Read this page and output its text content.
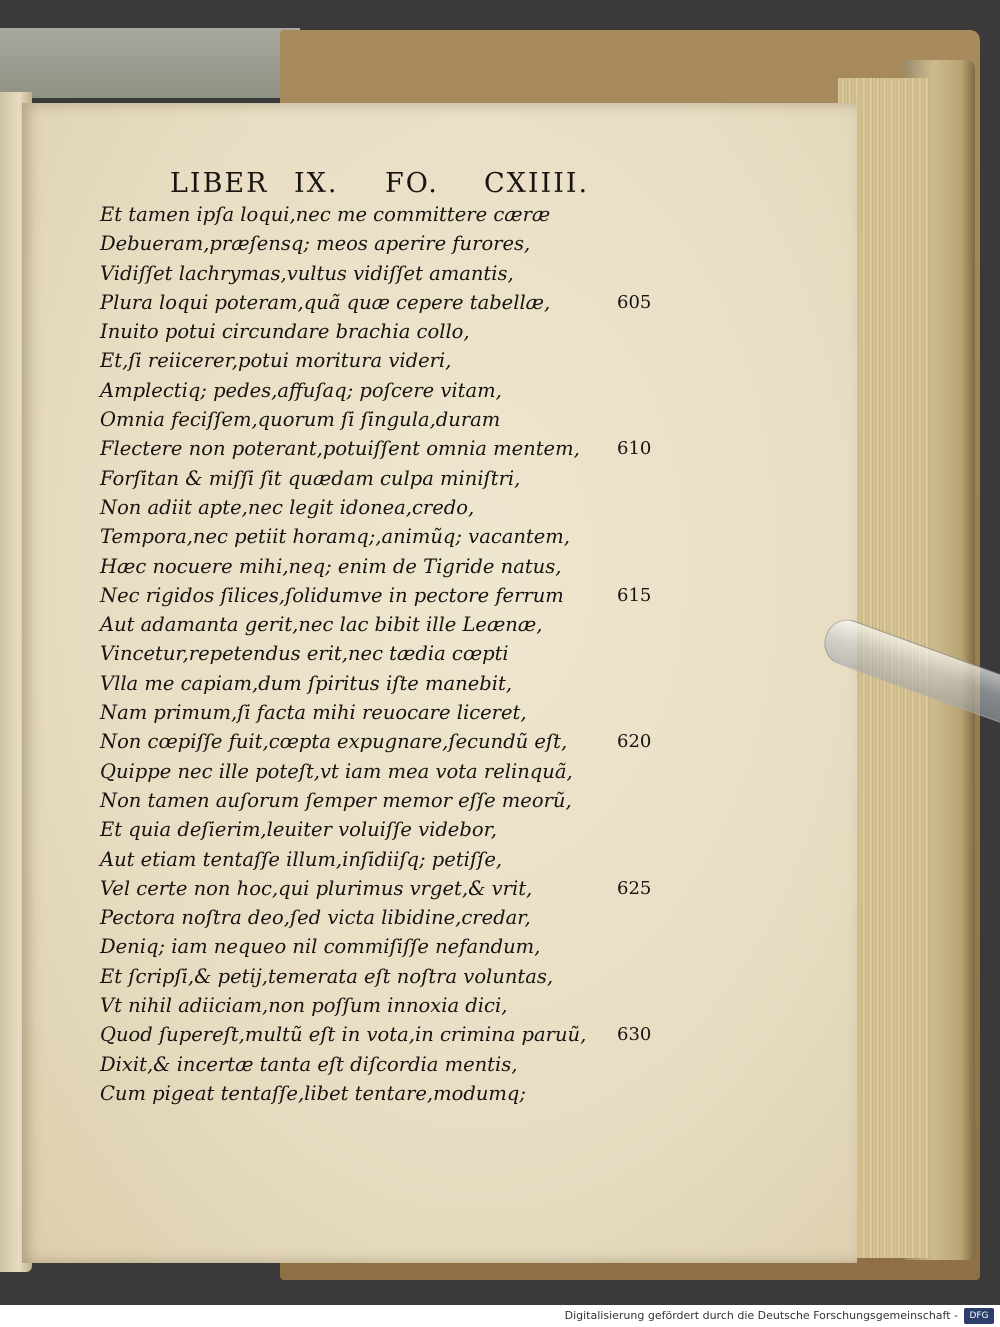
LIBER IX. FO. CXIIII.
Et tamen ipſa loqui,nec me committere cæræ
Debueram,præſensq; meos aperire furores,
Vidiſſet lachrymas,vultus vidiſſet amantis,
Plura loqui poteram,quã quæ cepere tabellæ,	605
Inuito potui circundare brachia collo,
Et,ſi reiicerer,potui moritura videri,
Amplectiq; pedes,affuſaq; poſcere vitam,
Omnia feciſſem,quorum ſi ſingula,duram
Flectere non poterant,potuiſſent omnia mentem, 610
Forſitan & miſſi ſit quædam culpa miniſtri,
Non adiit apte,nec legit idonea,credo,
Tempora,nec petiit horamq;,animũq; vacantem,
Hæc nocuere mihi,neq; enim de Tigride natus,
Nec rigidos ſilices,ſolidumve in pectore ferrum	615
Aut adamanta gerit,nec lac bibit ille Leænæ,
Vincetur,repetendus erit,nec tædia cœpti
Vlla me capiam,dum ſpiritus iſte manebit,
Nam primum,ſi facta mihi reuocare liceret,
Non cœpiſſe fuit,cœpta expugnare,ſecundũ eſt,	620
Quippe nec ille poteſt,vt iam mea vota relinquã,
Non tamen auſorum ſemper memor eſſe meorũ,
Et quia deſierim,leuiter voluiſſe videbor,
Aut etiam tentaſſe illum,inſidiiſq; petiſſe,
Vel certe non hoc,qui plurimus vrget,& vrit,	625
Pectora noſtra deo,ſed victa libidine,credar,
Deniq; iam nequeo nil commiſiſſe nefandum,
Et ſcripſi,& petij,temerata eſt noſtra voluntas,
Vt nihil adiiciam,non poſſum innoxia dici,
Quod ſupereſt,multũ eſt in vota,in crimina paruũ, 630
Dixit,& incertæ tanta eſt diſcordia mentis,
Cum pigeat tentaſſe,libet tentare,modumq;
Digitalisierung gefördert durch die Deutsche Forschungsgemeinschaft -	DFG
